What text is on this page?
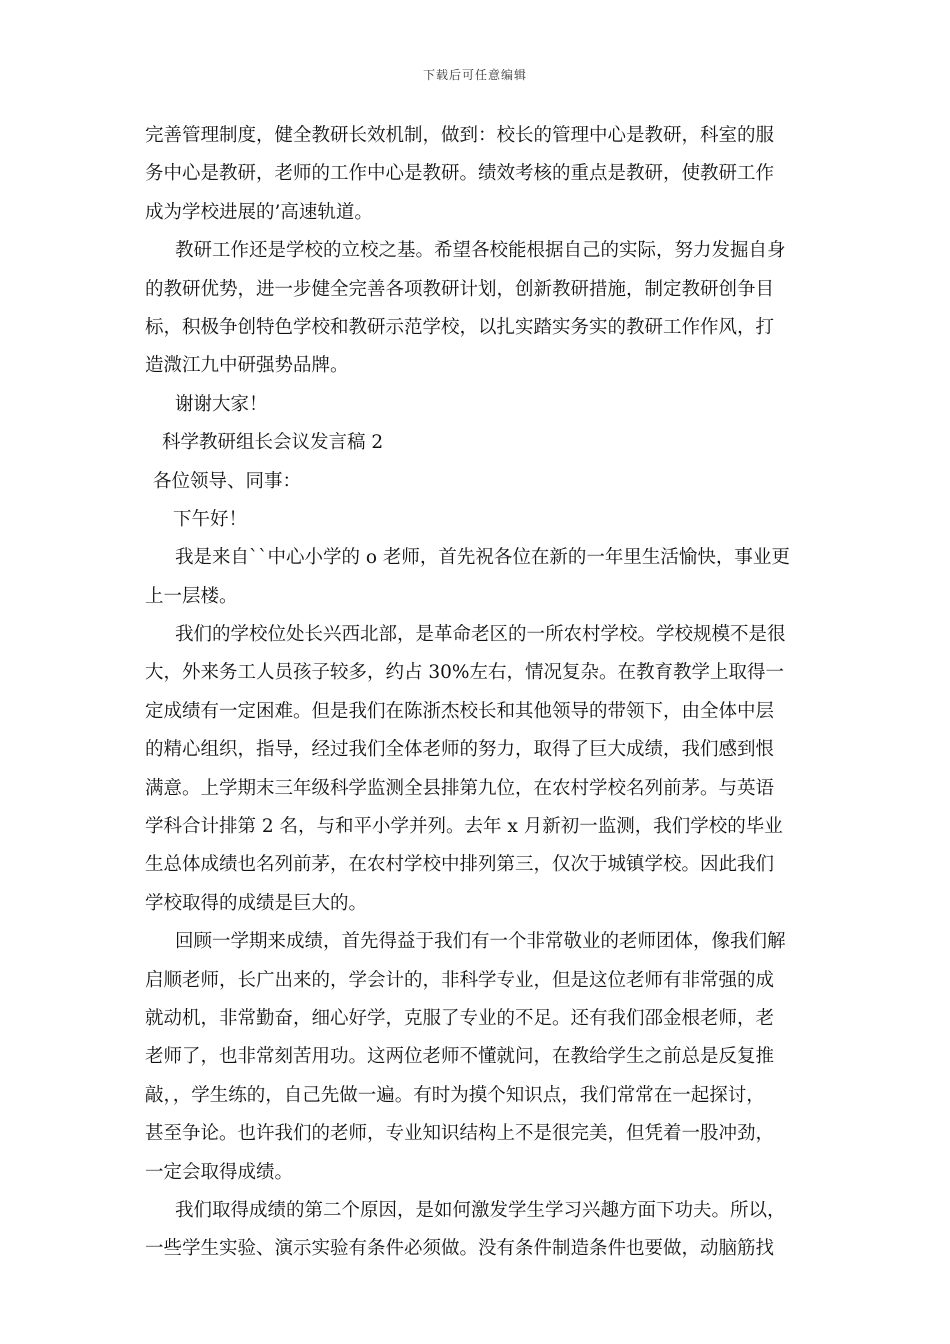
下载后可任意编辑
完善管理制度，健全教研长效机制，做到：校长的管理中心是教研，科室的服
务中心是教研，老师的工作中心是教研。绩效考核的重点是教研，使教研工作
成为学校进展的’高速轨道。
教研工作还是学校的立校之基。希望各校能根据自己的实际，努力发掘自身
的教研优势，进一步健全完善各项教研计划，创新教研措施，制定教研创争目
标，积极争创特色学校和教研示范学校，以扎实踏实务实的教研工作作风，打
造溦江九中研强势品牌。
谢谢大家！
科学教研组长会议发言稿 2
各位领导、同事：
下午好！
我是来自``中心小学的 o 老师，首先祝各位在新的一年里生活愉快，事业更
上一层楼。
我们的学校位处长兴西北部，是革命老区的一所农村学校。学校规模不是很
大，外来务工人员孩子较多，约占 30%左右，情况复杂。在教育教学上取得一
定成绩有一定困难。但是我们在陈浙杰校长和其他领导的带领下，由全体中层
的精心组织，指导，经过我们全体老师的努力，取得了巨大成绩，我们感到恨
满意。上学期末三年级科学监测全县排第九位，在农村学校名列前茅。与英语
学科合计排第 2 名，与和平小学并列。去年 x 月新初一监测，我们学校的毕业
生总体成绩也名列前茅，在农村学校中排列第三，仅次于城镇学校。因此我们
学校取得的成绩是巨大的。
回顾一学期来成绩，首先得益于我们有一个非常敬业的老师团体，像我们解
启顺老师，长广出来的，学会计的，非科学专业，但是这位老师有非常强的成
就动机，非常勤奋，细心好学，克服了专业的不足。还有我们邵金根老师，老
老师了，也非常刻苦用功。这两位老师不懂就问，在教给学生之前总是反复推
敲，，学生练的，自己先做一遍。有时为摸个知识点，我们常常在一起探讨，
甚至争论。也许我们的老师，专业知识结构上不是很完美，但凭着一股冲劲，
一定会取得成绩。
我们取得成绩的第二个原因，是如何激发学生学习兴趣方面下功夫。所以，
一些学生实验、演示实验有条件必须做。没有条件制造条件也要做，动脑筋找
